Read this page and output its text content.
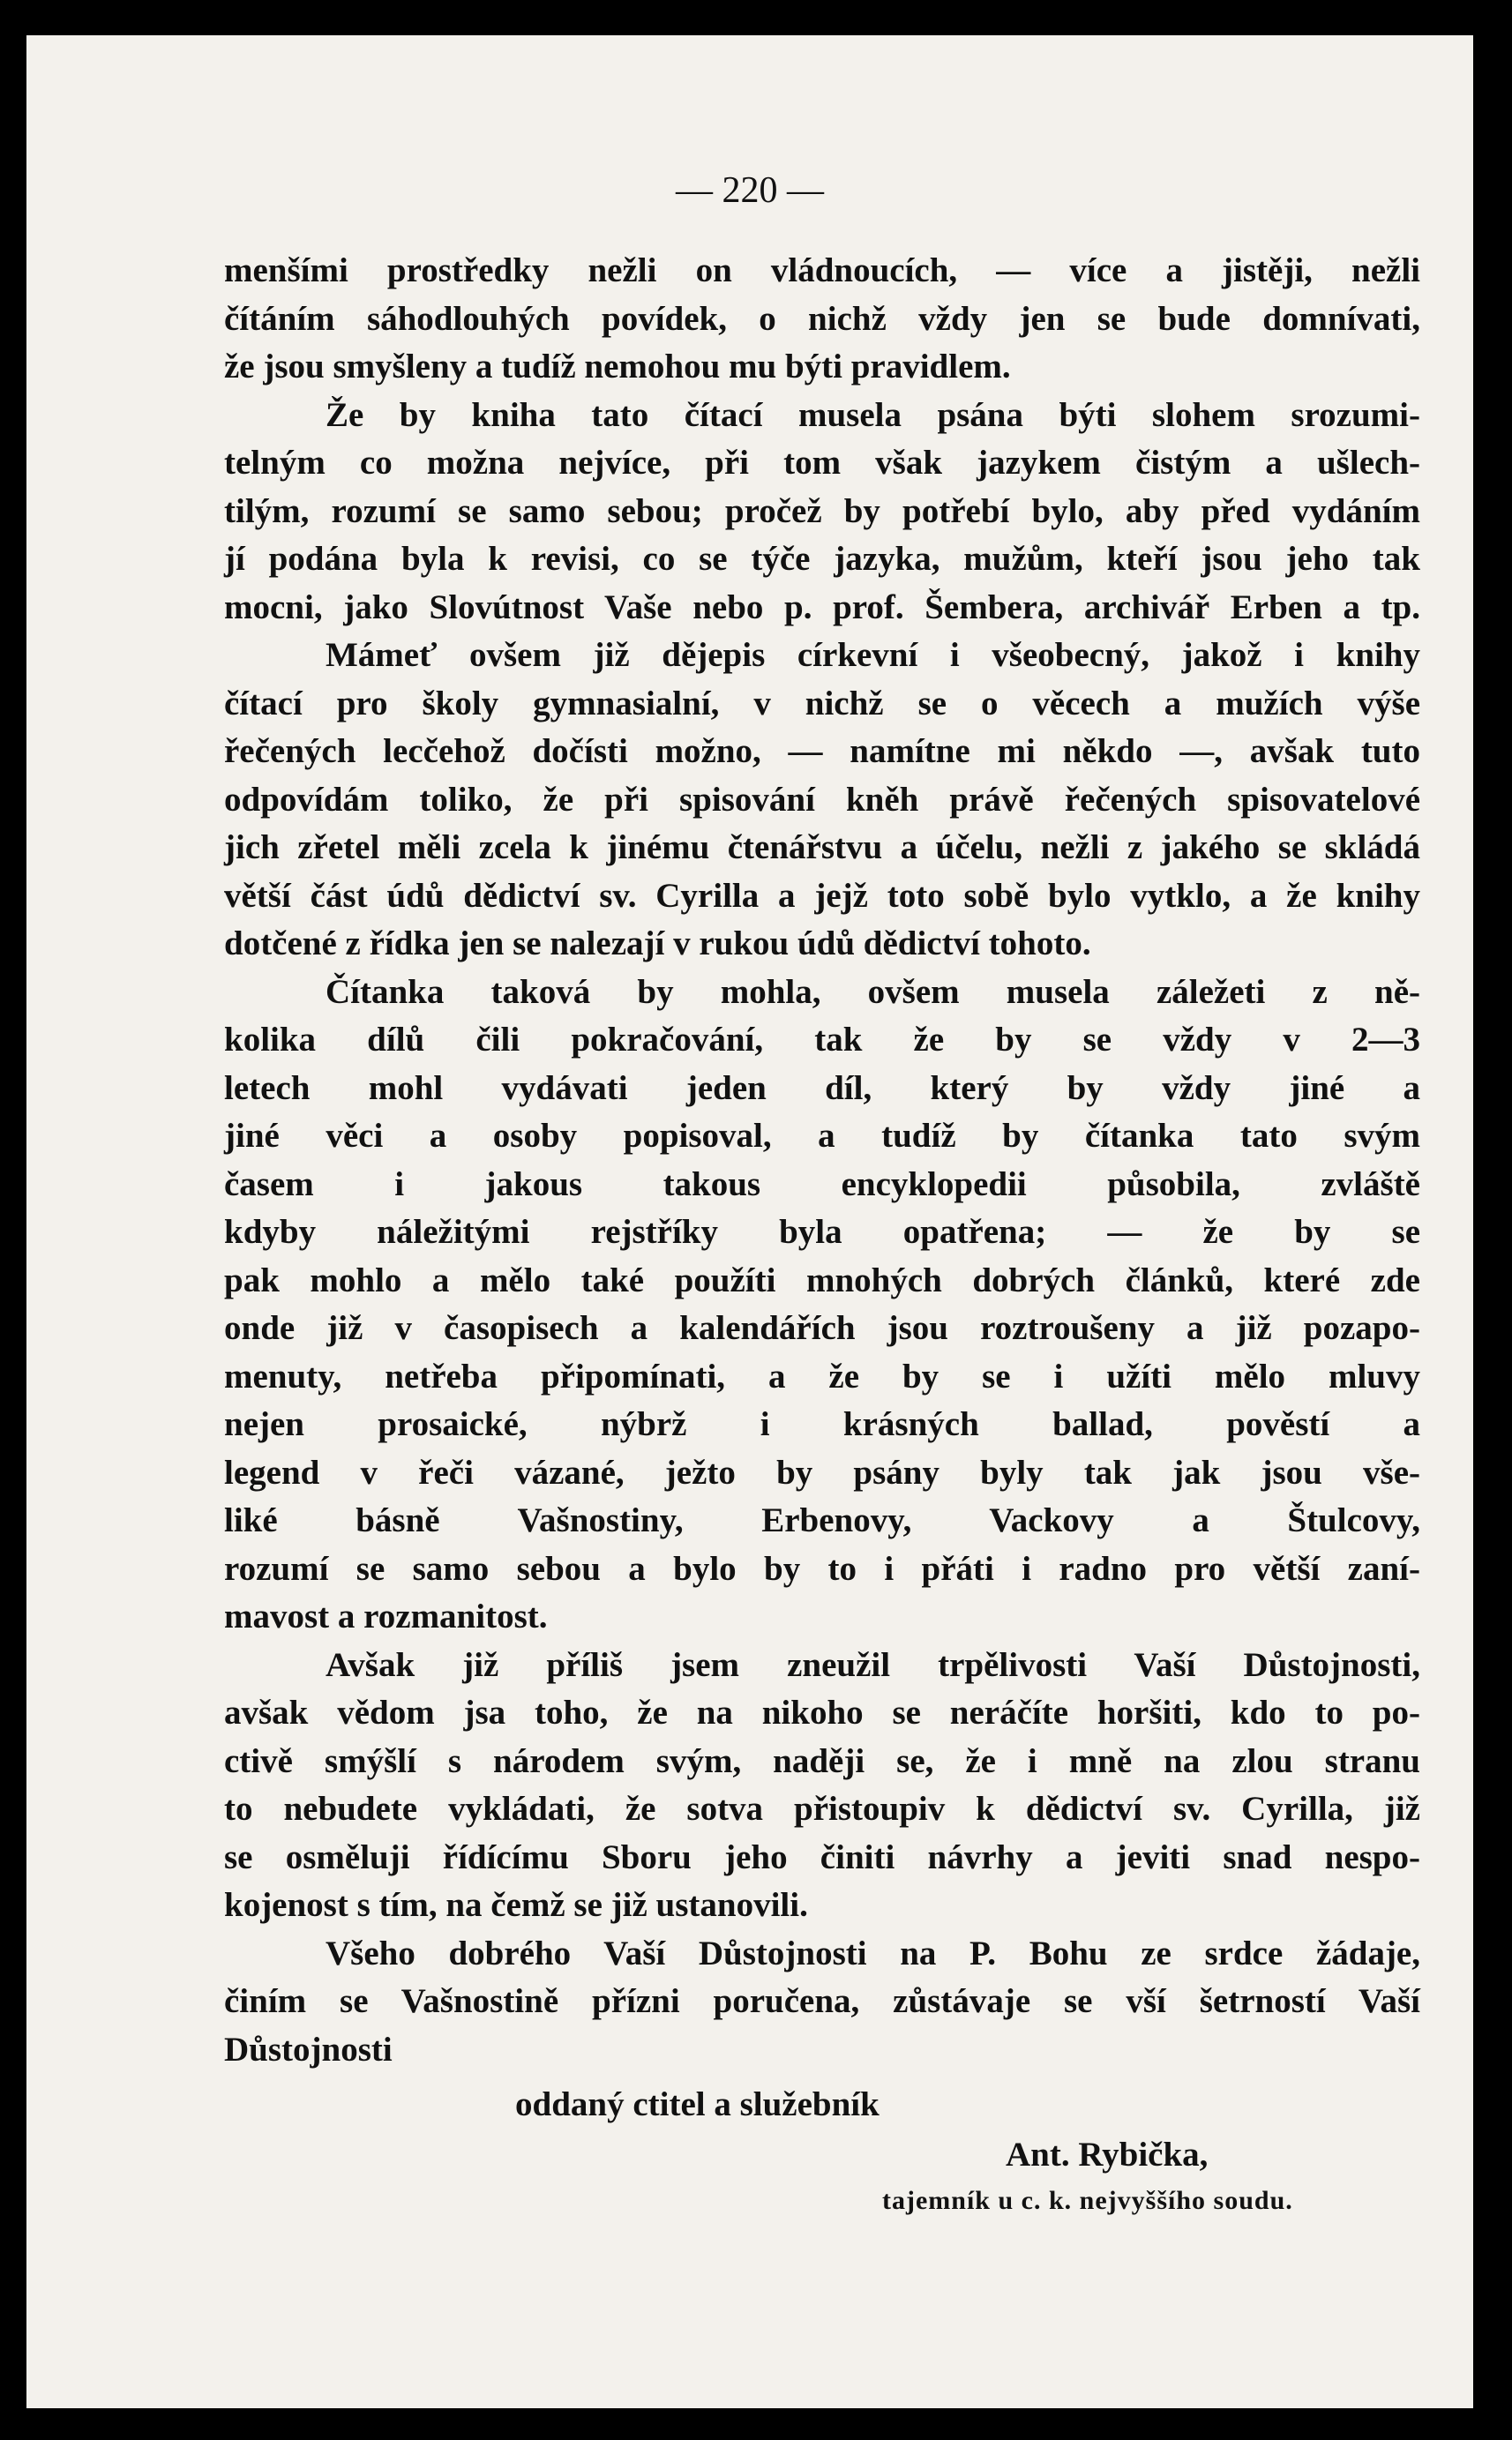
— 220 —
menšími prostředky nežli on vládnoucích, — více a jistěji, nežli
čítáním sáhodlouhých povídek, o nichž vždy jen se bude domnívati,
že jsou smyšleny a tudíž nemohou mu býti pravidlem.
Že by kniha tato čítací musela psána býti slohem srozumi-
telným co možna nejvíce, při tom však jazykem čistým a ušlech-
tilým, rozumí se samo sebou; pročež by potřebí bylo, aby před vydáním
jí podána byla k revisi, co se týče jazyka, mužům, kteří jsou jeho tak
mocni, jako Slovútnost Vaše nebo p. prof. Šembera, archivář Erben a tp.
Mámeť ovšem již dějepis církevní i všeobecný, jakož i knihy
čítací pro školy gymnasialní, v nichž se o věcech a mužích výše
řečených lecčehož dočísti možno, — namítne mi někdo —, avšak tuto
odpovídám toliko, že při spisování kněh právě řečených spisovatelové
jich zřetel měli zcela k jinému čtenářstvu a účelu, nežli z jakého se skládá
větší část údů dědictví sv. Cyrilla a jejž toto sobě bylo vytklo, a že knihy
dotčené z řídka jen se nalezají v rukou údů dědictví tohoto.
Čítanka taková by mohla, ovšem musela záležeti z ně-
kolika dílů čili pokračování, tak že by se vždy v 2—3
letech mohl vydávati jeden díl, který by vždy jiné a
jiné věci a osoby popisoval, a tudíž by čítanka tato svým
časem i jakous takous encyklopedii působila, zvláště
kdyby náležitými rejstříky byla opatřena; — že by se
pak mohlo a mělo také použíti mnohých dobrých článků, které zde
onde již v časopisech a kalendářích jsou roztroušeny a již pozapo-
menuty, netřeba připomínati, a že by se i užíti mělo mluvy
nejen prosaické, nýbrž i krásných ballad, pověstí a
legend v řeči vázané, ježto by psány byly tak jak jsou vše-
liké básně Vašnostiny, Erbenovy, Vackovy a Štulcovy,
rozumí se samo sebou a bylo by to i přáti i radno pro větší zaní-
mavost a rozmanitost.
Avšak již příliš jsem zneužil trpělivosti Vaší Důstojnosti,
avšak vědom jsa toho, že na nikoho se neráčíte horšiti, kdo to po-
ctivě smýšlí s národem svým, naději se, že i mně na zlou stranu
to nebudete vykládati, že sotva přistoupiv k dědictví sv. Cyrilla, již
se osměluji řídícímu Sboru jeho činiti návrhy a jeviti snad nespo-
kojenost s tím, na čemž se již ustanovili.
Všeho dobrého Vaší Důstojnosti na P. Bohu ze srdce žádaje,
činím se Vašnostině přízni poručena, zůstávaje se vší šetrností Vaší
Důstojnosti
oddaný ctitel a služebník
Ant. Rybička,
tajemník u c. k. nejvyššího soudu.
